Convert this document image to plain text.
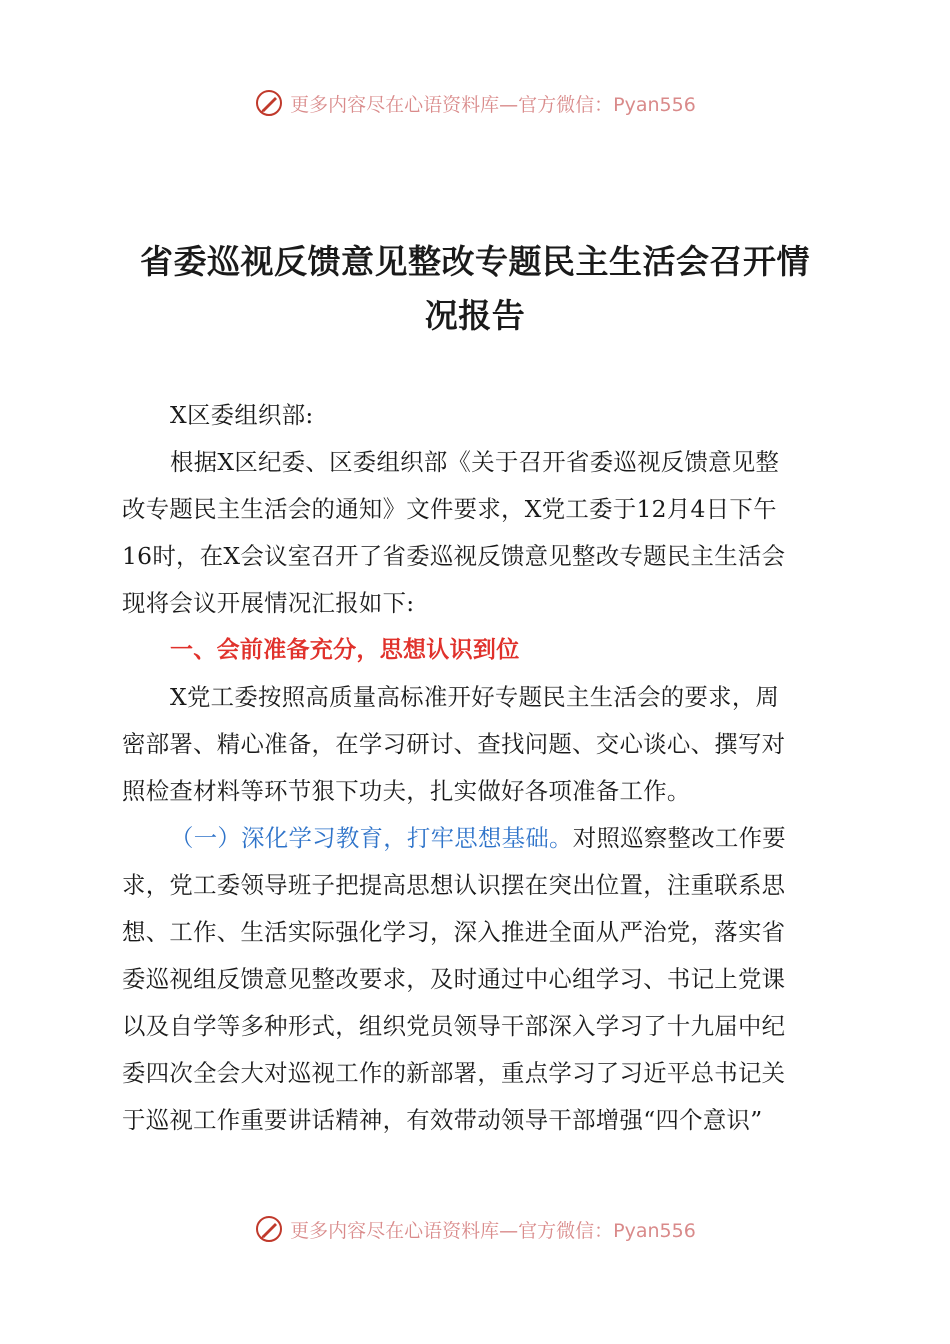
更多内容尽在心语资料库—官方微信：Pyan556
省委巡视反馈意见整改专题民主生活会召开情
况报告

X区委组织部:

根据X区纪委、区委组织部《关于召开省委巡视反馈意见整

改专题民主生活会的通知》文件要求，X党工委于12月4日下午

16时，在X会议室召开了省委巡视反馈意见整改专题民主生活会

现将会议开展情况汇报如下:

一、会前准备充分，思想认识到位

X党工委按照高质量高标准开好专题民主生活会的要求，周

密部署、精心准备，在学习研讨、查找问题、交心谈心、撰写对

照检查材料等环节狠下功夫，扎实做好各项准备工作。

（一）深化学习教育，打牢思想基础。对照巡察整改工作要

求，党工委领导班子把提高思想认识摆在突出位置，注重联系思

想、工作、生活实际强化学习，深入推进全面从严治党，落实省

委巡视组反馈意见整改要求，及时通过中心组学习、书记上党课

以及自学等多种形式，组织党员领导干部深入学习了十九届中纪

委四次全会大对巡视工作的新部署，重点学习了习近平总书记关

于巡视工作重要讲话精神，有效带动领导干部增强“四个意识”

更多内容尽在心语资料库—官方微信：Pyan556
